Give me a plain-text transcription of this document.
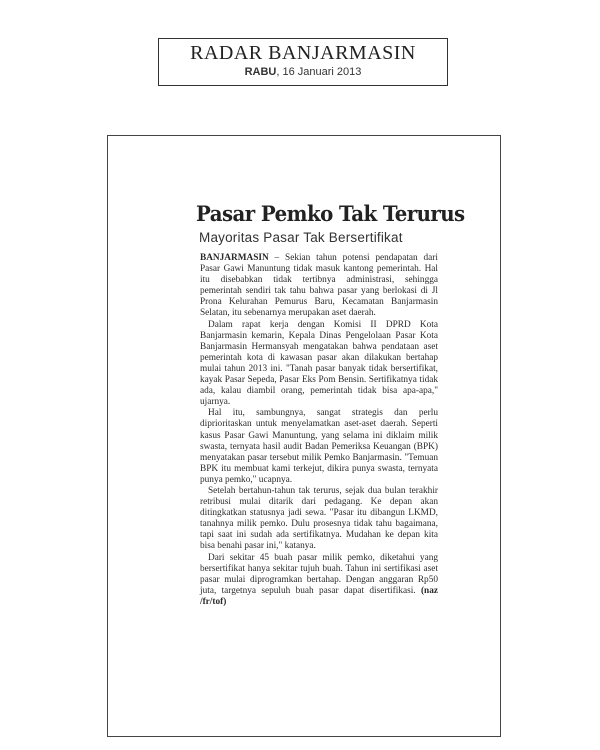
RADAR BANJARMASIN
RABU, 16 Januari 2013
Pasar Pemko Tak Terurus
Mayoritas Pasar Tak Bersertifikat

BANJARMASIN – Sekian tahun potensi pendapatan dari Pasar Gawi Manuntung tidak masuk kantong pemerintah. Hal itu disebabkan tidak tertibnya administrasi, sehingga pemerintah sendiri tak tahu bahwa pasar yang berlokasi di Jl Prona Kelurahan Pemurus Baru, Kecamatan Banjarmasin Selatan, itu sebenarnya merupakan aset daerah.

Dalam rapat kerja dengan Komisi II DPRD Kota Banjarmasin kemarin, Kepala Dinas Pengelolaan Pasar Kota Banjarmasin Hermansyah mengatakan bahwa pendataan aset pemerintah kota di kawasan pasar akan dilakukan bertahap mulai tahun 2013 ini. "Tanah pasar banyak tidak bersertifikat, kayak Pasar Sepeda, Pasar Eks Pom Bensin. Sertifikatnya tidak ada, kalau diambil orang, pemerintah tidak bisa apa-apa," ujarnya.

Hal itu, sambungnya, sangat strategis dan perlu diprioritaskan untuk menyelamatkan aset-aset daerah. Seperti kasus Pasar Gawi Manuntung, yang selama ini diklaim milik swasta, ternyata hasil audit Badan Pemeriksa Keuangan (BPK) menyatakan pasar tersebut milik Pemko Banjarmasin. "Temuan BPK itu membuat kami terkejut, dikira punya swasta, ternyata punya pemko," ucapnya.

Setelah bertahun-tahun tak terurus, sejak dua bulan terakhir retribusi mulai ditarik dari pedagang. Ke depan akan ditingkatkan statusnya jadi sewa. "Pasar itu dibangun LKMD, tanahnya milik pemko. Dulu prosesnya tidak tahu bagaimana, tapi saat ini sudah ada sertifikatnya. Mudahan ke depan kita bisa benahi pasar ini," katanya.

Dari sekitar 45 buah pasar milik pemko, diketahui yang bersertifikat hanya sekitar tujuh buah. Tahun ini sertifikasi aset pasar mulai diprogramkan bertahap. Dengan anggaran Rp50 juta, targetnya sepuluh buah pasar dapat disertifikasi. (naz /fr/tof)
